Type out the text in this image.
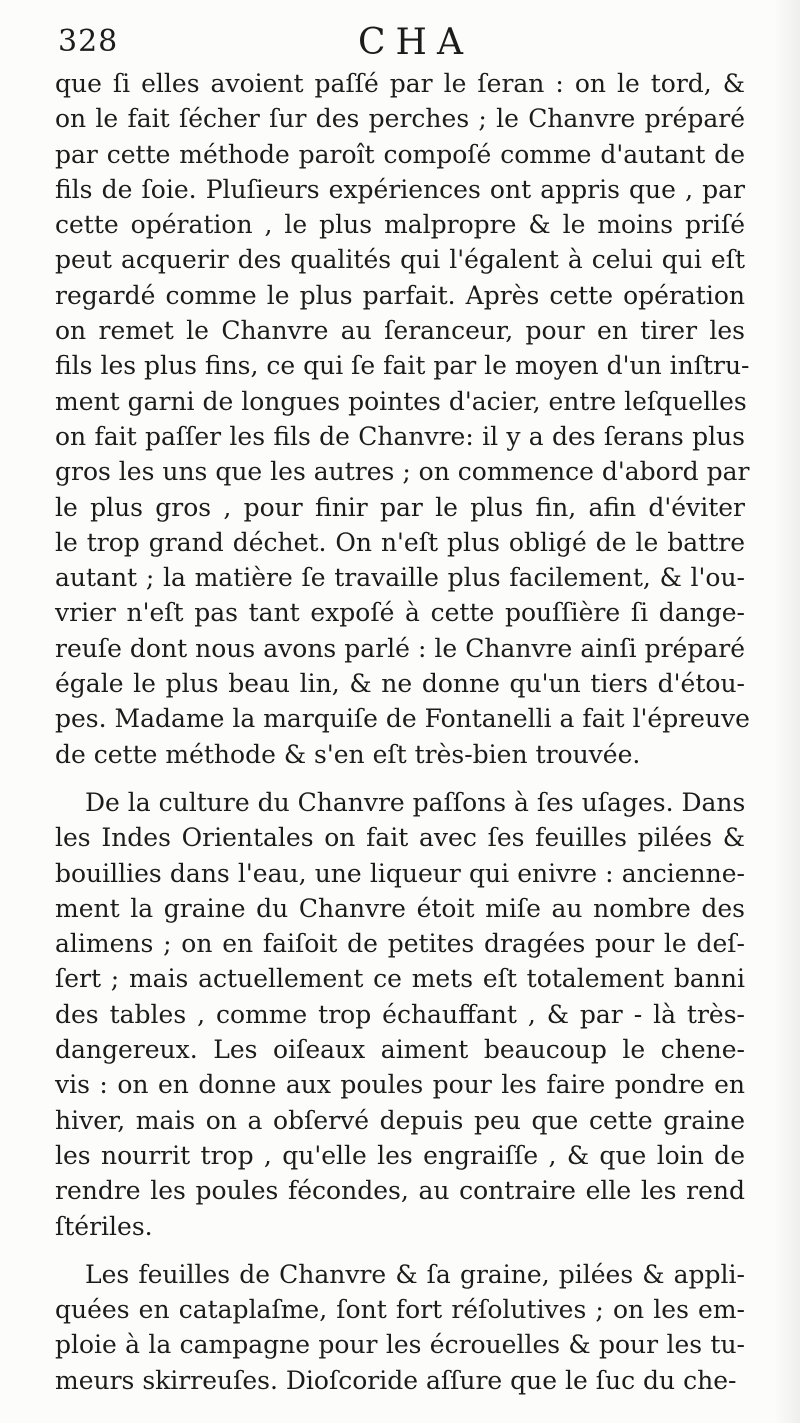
328	CHA
que ſi elles avoient paſſé par le ſeran : on le tord, &
on le fait ſécher ſur des perches ; le Chanvre préparé
par cette méthode paroît compoſé comme d'autant de
fils de ſoie. Pluſieurs expériences ont appris que , par
cette opération , le plus malpropre & le moins priſé
peut acquerir des qualités qui l'égalent à celui qui eſt
regardé comme le plus parfait. Après cette opération
on remet le Chanvre au ſeranceur, pour en tirer les
fils les plus fins, ce qui ſe fait par le moyen d'un inſtru-
ment garni de longues pointes d'acier, entre leſquelles
on fait paſſer les fils de Chanvre: il y a des ſerans plus
gros les uns que les autres ; on commence d'abord par
le plus gros , pour finir par le plus fin, afin d'éviter
le trop grand déchet. On n'eſt plus obligé de le battre
autant ; la matière ſe travaille plus facilement, & l'ou-
vrier n'eſt pas tant expoſé à cette pouſſière ſi dange-
reuſe dont nous avons parlé : le Chanvre ainſi préparé
égale le plus beau lin, & ne donne qu'un tiers d'étou-
pes. Madame la marquiſe de Fontanelli a fait l'épreuve
de cette méthode & s'en eſt très-bien trouvée.
De la culture du Chanvre paſſons à ſes uſages. Dans
les Indes Orientales on fait avec ſes feuilles pilées &
bouillies dans l'eau, une liqueur qui enivre : ancienne-
ment la graine du Chanvre étoit miſe au nombre des
alimens ; on en faiſoit de petites dragées pour le deſ-
ſert ; mais actuellement ce mets eſt totalement banni
des tables , comme trop échauffant , & par - là très-
dangereux. Les oiſeaux aiment beaucoup le chene-
vis : on en donne aux poules pour les faire pondre en
hiver, mais on a obſervé depuis peu que cette graine
les nourrit trop , qu'elle les engraiſſe , & que loin de
rendre les poules fécondes, au contraire elle les rend
ſtériles.
Les feuilles de Chanvre & ſa graine, pilées & appli-
quées en cataplaſme, ſont fort réſolutives ; on les em-
ploie à la campagne pour les écrouelles & pour les tu-
meurs skirreuſes. Dioſcoride aſſure que le ſuc du che-
